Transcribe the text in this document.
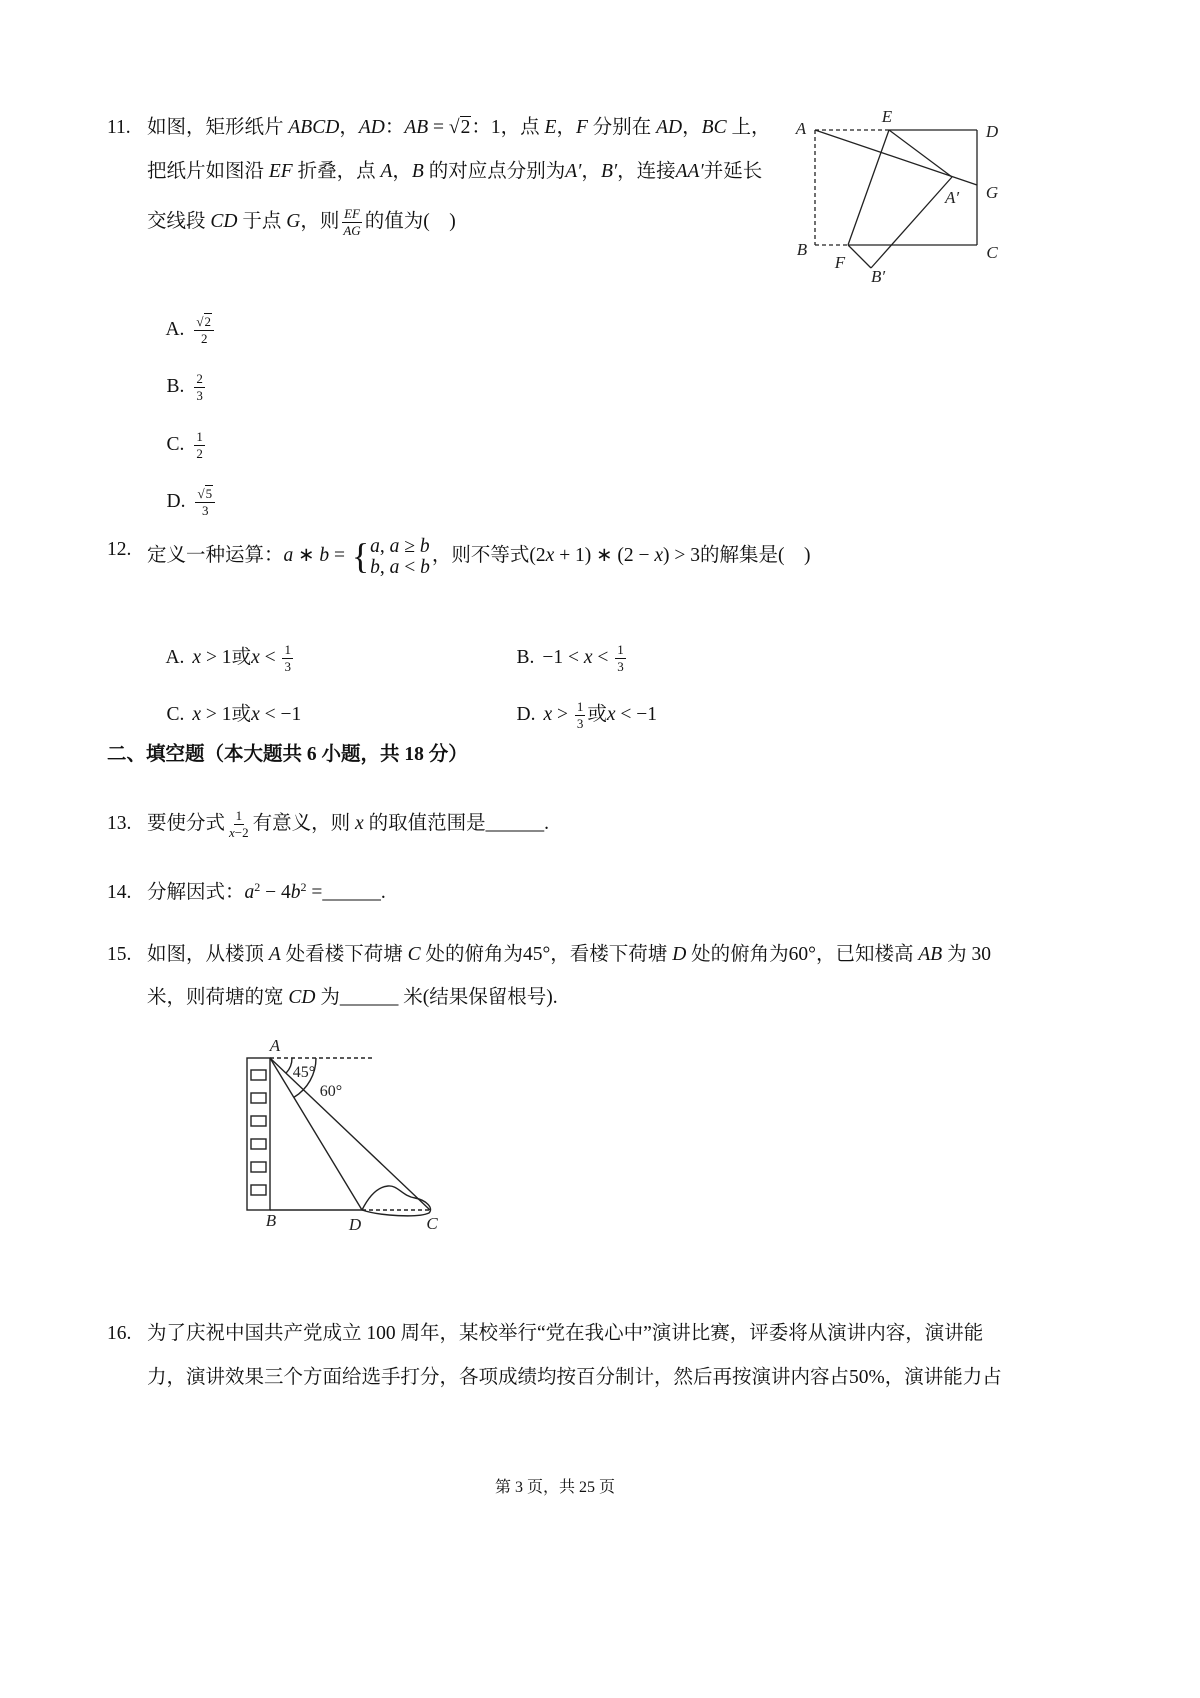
11. 如图，矩形纸片 ABCD，AD：AB = √ 2：1，点 E，F 分别在 AD，BC 上，
把纸片如图沿 EF 折叠，点 A，B 的对应点分别为A′，B′，连接AA′并延长
交线段 CD 于点 G，则 $\frac{EF}{AG}$ 的值为(　)

A. √ $\frac{2}{2}$

B. $\frac{2}{3}$

C. $\frac{1}{2}$

D. √ $\frac{5}{3}$

A
E
D
G
A′
B
F
C
B′
12. 定义一种运算：a ∗ b = { a, a ≥ b
b, a < b
，则不等式(2x + 1) ∗ (2 − x) > 3的解集是(　)

A. x > 1或$x < \frac{1}{3}$

	B. $-1 < x < \frac{1}{3}$

C. x > 1或x < −1
	D. $x > \frac{1}{3}$ 或x < −1

二、填空题（本大题共 6 小题，共 18 分）
13. 要使分式 $\frac{1}{x-2}$ 有意义，则 x 的取值范围是______.
14. 分解因式：$a^2 - 4b^2$ =______.
15. 如图，从楼顶 A 处看楼下荷塘 C 处的俯角为45°，看楼下荷塘 D 处的俯角为60°，已知楼高 AB 为 30
米，则荷塘的宽 CD 为______ 米(结果保留根号).
A
45°
60°
B	D	C
16. 为了庆祝中国共产党成立 100 周年，某校举行“党在我心中”演讲比赛，评委将从演讲内容，演讲能
力，演讲效果三个方面给选手打分，各项成绩均按百分制计，然后再按演讲内容占50%，演讲能力占
第 3 页，共 25 页
